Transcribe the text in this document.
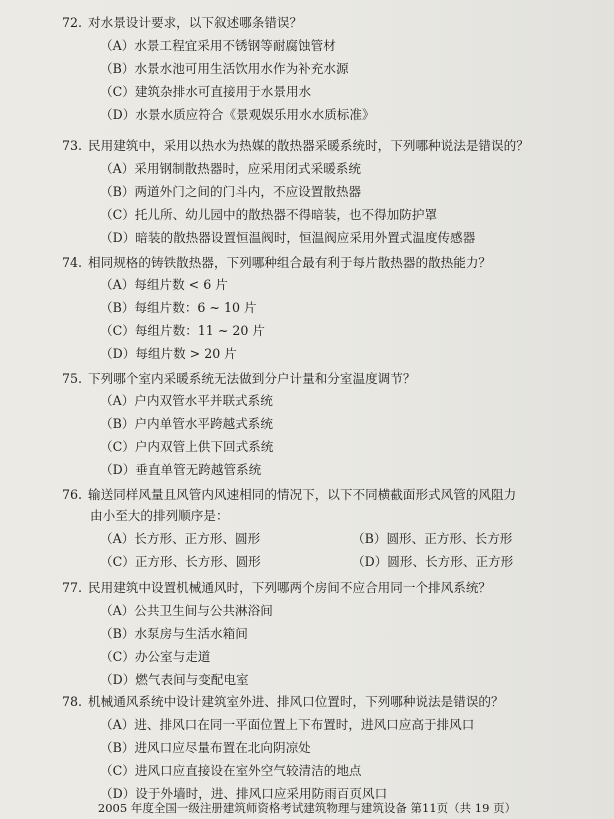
72. 对水景设计要求，以下叙述哪条错误？
（A）水景工程宜采用不锈钢等耐腐蚀管材
（B）水景水池可用生活饮用水作为补充水源
（C）建筑杂排水可直接用于水景用水
（D）水景水质应符合《景观娱乐用水水质标准》
73. 民用建筑中，采用以热水为热媒的散热器采暖系统时，下列哪种说法是错误的？
（A）采用钢制散热器时，应采用闭式采暖系统
（B）两道外门之间的门斗内，不应设置散热器
（C）托儿所、幼儿园中的散热器不得暗装，也不得加防护罩
（D）暗装的散热器设置恒温阀时，恒温阀应采用外置式温度传感器
74. 相同规格的铸铁散热器，下列哪种组合最有利于每片散热器的散热能力？
（A）每组片数 < 6 片
（B）每组片数：6 ~ 10 片
（C）每组片数：11 ~ 20 片
（D）每组片数 > 20 片
75. 下列哪个室内采暖系统无法做到分户计量和分室温度调节？
（A）户内双管水平并联式系统
（B）户内单管水平跨越式系统
（C）户内双管上供下回式系统
（D）垂直单管无跨越管系统
76. 输送同样风量且风管内风速相同的情况下，以下不同横截面形式风管的风阻力
由小至大的排列顺序是：
（A）长方形、正方形、圆形	（B）圆形、正方形、长方形
（C）正方形、长方形、圆形	（D）圆形、长方形、正方形
77. 民用建筑中设置机械通风时，下列哪两个房间不应合用同一个排风系统？
（A）公共卫生间与公共淋浴间
（B）水泵房与生活水箱间
（C）办公室与走道
（D）燃气表间与变配电室
78. 机械通风系统中设计建筑室外进、排风口位置时，下列哪种说法是错误的？
（A）进、排风口在同一平面位置上下布置时，进风口应高于排风口
（B）进风口应尽量布置在北向阴凉处
（C）进风口应直接设在室外空气较清洁的地点
（D）设于外墙时，进、排风口应采用防雨百页风口
2005 年度全国一级注册建筑师资格考试建筑物理与建筑设备 第11页（共 19 页）
